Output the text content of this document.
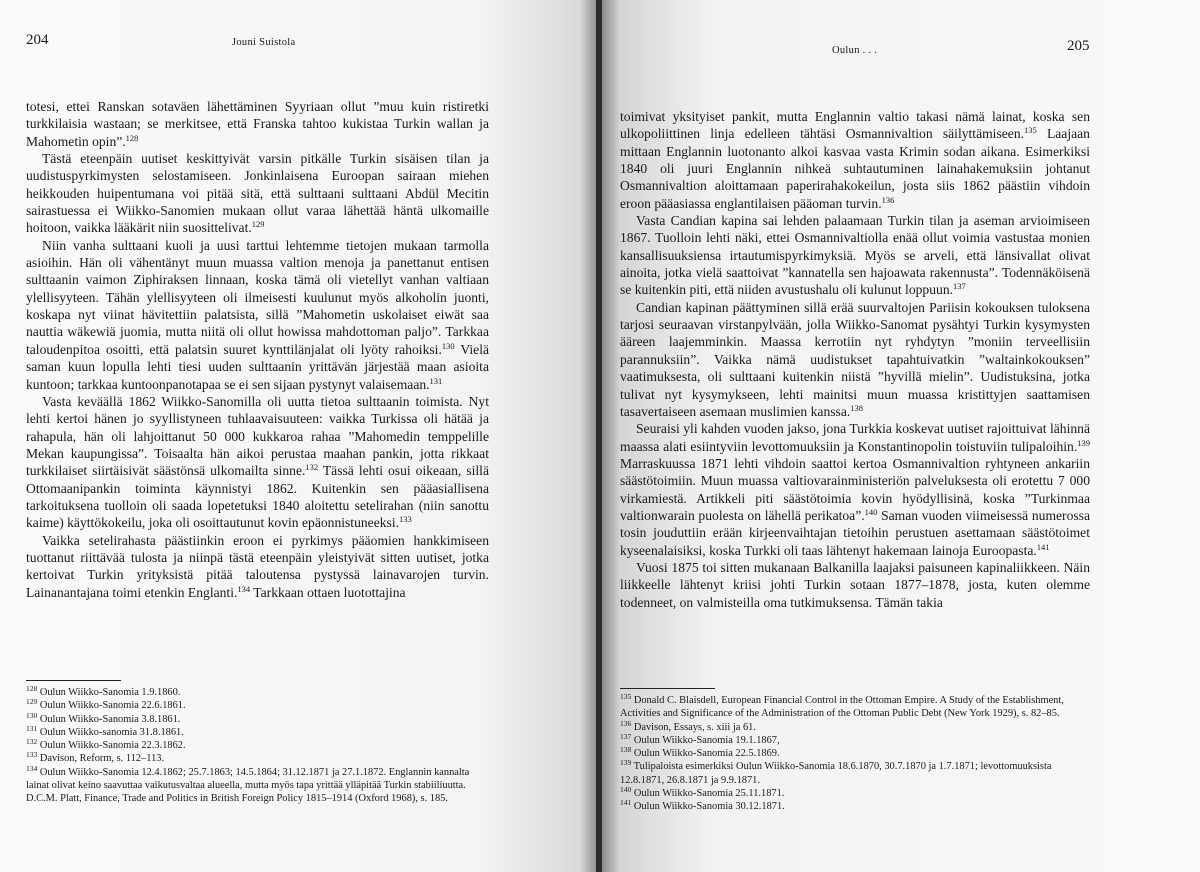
204	Jouni Suistola

totesi, ettei Ranskan sotaväen lähettäminen Syyriaan ollut ”muu kuin ristiretki turkkilaisia wastaan; se merkitsee, että Franska tahtoo kukistaa Turkin wallan ja Mahometin opin”.$^{128}$

Tästä eteenpäin uutiset keskittyivät varsin pitkälle Turkin sisäisen tilan ja uudistuspyrkimysten selostamiseen. Jonkinlaisena Euroopan sairaan miehen heikkouden huipentumana voi pitää sitä, että sulttaani sulttaani Abdül Mecitin sairastuessa ei Wiikko-Sanomien mukaan ollut varaa lähettää häntä ulkomaille hoitoon, vaikka lääkärit niin suosittelivat.$^{129}$

Niin vanha sulttaani kuoli ja uusi tarttui lehtemme tietojen mukaan tarmolla asioihin. Hän oli vähentänyt muun muassa valtion menoja ja panettanut entisen sulttaanin vaimon Ziphiraksen linnaan, koska tämä oli vietellyt vanhan valtiaan ylellisyyteen. Tähän ylellisyyteen oli ilmeisesti kuulunut myös alkoholin juonti, koskapa nyt viinat hävitettiin palatsista, sillä ”Mahometin uskolaiset eiwät saa nauttia wäkewiä juomia, mutta niitä oli ollut howissa mahdottoman paljo”. Tarkkaa taloudenpitoa osoitti, että palatsin suuret kynttilänjalat oli lyöty rahoiksi.$^{130}$ Vielä saman kuun lopulla lehti tiesi uuden sulttaanin yrittävän järjestää maan asioita kuntoon; tarkkaa kuntoonpanotapaa se ei sen sijaan pystynyt valaisemaan.$^{131}$

Vasta keväällä 1862 Wiikko-Sanomilla oli uutta tietoa sulttaanin toimista. Nyt lehti kertoi hänen jo syyllistyneen tuhlaavaisuuteen: vaikka Turkissa oli hätää ja rahapula, hän oli lahjoittanut 50 000 kukkaroa rahaa ”Mahomedin temppelille Mekan kaupungissa”. Toisaalta hän aikoi perustaa maahan pankin, jotta rikkaat turkkilaiset siirtäisivät säästönsä ulkomailta sinne.$^{132}$ Tässä lehti osui oikeaan, sillä Ottomaanipankin toiminta käynnistyi 1862. Kuitenkin sen pääasiallisena tarkoituksena tuolloin oli saada lopetetuksi 1840 aloitettu setelirahan (niin sanottu kaime) käyttökokeilu, joka oli osoittautunut kovin epäonnistuneeksi.$^{133}$

Vaikka setelirahasta päästiinkin eroon ei pyrkimys pääomien hankkimiseen tuottanut riittävää tulosta ja niinpä tästä eteenpäin yleistyivät sitten uutiset, jotka kertoivat Turkin yrityksistä pitää taloutensa pystyssä lainavarojen turvin. Lainanantajana toimi etenkin Englanti.$^{134}$ Tarkkaan ottaen luotottajina

$^{128}$ Oulun Wiikko-Sanomia 1.9.1860.

$^{129}$ Oulun Wiikko-Sanomia 22.6.1861.

$^{130}$ Oulun Wiikko-Sanomia 3.8.1861.

$^{131}$ Oulun Wiikko-sanomia 31.8.1861.

$^{132}$ Oulun Wiikko-Sanomia 22.3.1862.

$^{133}$ Davison, Reform, s. 112–113.

$^{134}$ Oulun Wiikko-Sanomia 12.4.1862; 25.7.1863; 14.5.1864; 31.12.1871 ja 27.1.1872. Englannin kannalta lainat olivat keino saavuttaa vaikutusvaltaa alueella, mutta myös tapa yrittää ylläpitää Turkin stabiiliuutta. D.C.M. Platt, Finance, Trade and Politics in British Foreign Policy 1815–1914 (Oxford 1968), s. 185.

Oulun . . .	205

toimivat yksityiset pankit, mutta Englannin valtio takasi nämä lainat, koska sen ulkopoliittinen linja edelleen tähtäsi Osmannivaltion säilyttämiseen.$^{135}$ Laajaan mittaan Englannin luotonanto alkoi kasvaa vasta Krimin sodan aikana. Esimerkiksi 1840 oli juuri Englannin nihkeä suhtautuminen lainahakemuksiin johtanut Osmannivaltion aloittamaan paperirahakokeilun, josta siis 1862 päästiin vihdoin eroon pääasiassa englantilaisen pääoman turvin.$^{136}$

Vasta Candian kapina sai lehden palaamaan Turkin tilan ja aseman arvioimiseen 1867. Tuolloin lehti näki, ettei Osmannivaltiolla enää ollut voimia vastustaa monien kansallisuuksiensa irtautumispyrkimyksiä. Myös se arveli, että länsivallat olivat ainoita, jotka vielä saattoivat ”kannatella sen hajoawata rakennusta”. Todennäköisenä se kuitenkin piti, että niiden avustushalu oli kulunut loppuun.$^{137}$

Candian kapinan päättyminen sillä erää suurvaltojen Pariisin kokouksen tuloksena tarjosi seuraavan virstanpylvään, jolla Wiikko-Sanomat pysähtyi Turkin kysymysten ääreen laajemminkin. Maassa kerrotiin nyt ryhdytyn ”moniin terveellisiin parannuksiin”. Vaikka nämä uudistukset tapahtuivatkin ”waltainkokouksen” vaatimuksesta, oli sulttaani kuitenkin niistä ”hyvillä mielin”. Uudistuksina, jotka tulivat nyt kysymykseen, lehti mainitsi muun muassa kristittyjen saattamisen tasavertaiseen asemaan muslimien kanssa.$^{138}$

Seuraisi yli kahden vuoden jakso, jona Turkkia koskevat uutiset rajoittuivat lähinnä maassa alati esiintyviin levottomuuksiin ja Konstantinopolin toistuviin tulipaloihin.$^{139}$ Marraskuussa 1871 lehti vihdoin saattoi kertoa Osmannivaltion ryhtyneen ankariin säästötoimiin. Muun muassa valtiovarainministeriön palveluksesta oli erotettu 7 000 virkamiestä. Artikkeli piti säästötoimia kovin hyödyllisinä, koska ”Turkinmaa valtionwarain puolesta on lähellä perikatoa”.$^{140}$ Saman vuoden viimeisessä numerossa tosin jouduttiin erään kirjeenvaihtajan tietoihin perustuen asettamaan säästötoimet kyseenalaisiksi, koska Turkki oli taas lähtenyt hakemaan lainoja Euroopasta.$^{141}$

Vuosi 1875 toi sitten mukanaan Balkanilla laajaksi paisuneen kapinaliikkeen. Näin liikkeelle lähtenyt kriisi johti Turkin sotaan 1877–1878, josta, kuten olemme todenneet, on valmisteilla oma tutkimuksensa. Tämän takia

$^{135}$ Donald C. Blaisdell, European Financial Control in the Ottoman Empire. A Study of the Establishment, Activities and Significance of the Administration of the Ottoman Public Debt (New York 1929), s. 82–85.

$^{136}$ Davison, Essays, s. xiii ja 61.

$^{137}$ Oulun Wiikko-Sanomia 19.1.1867,

$^{138}$ Oulun Wiikko-Sanomia 22.5.1869.

$^{139}$ Tulipaloista esimerkiksi Oulun Wiikko-Sanomia 18.6.1870, 30.7.1870 ja 1.7.1871; levottomuuksista 12.8.1871, 26.8.1871 ja 9.9.1871.

$^{140}$ Oulun Wiikko-Sanomia 25.11.1871.

$^{141}$ Oulun Wiikko-Sanomia 30.12.1871.
